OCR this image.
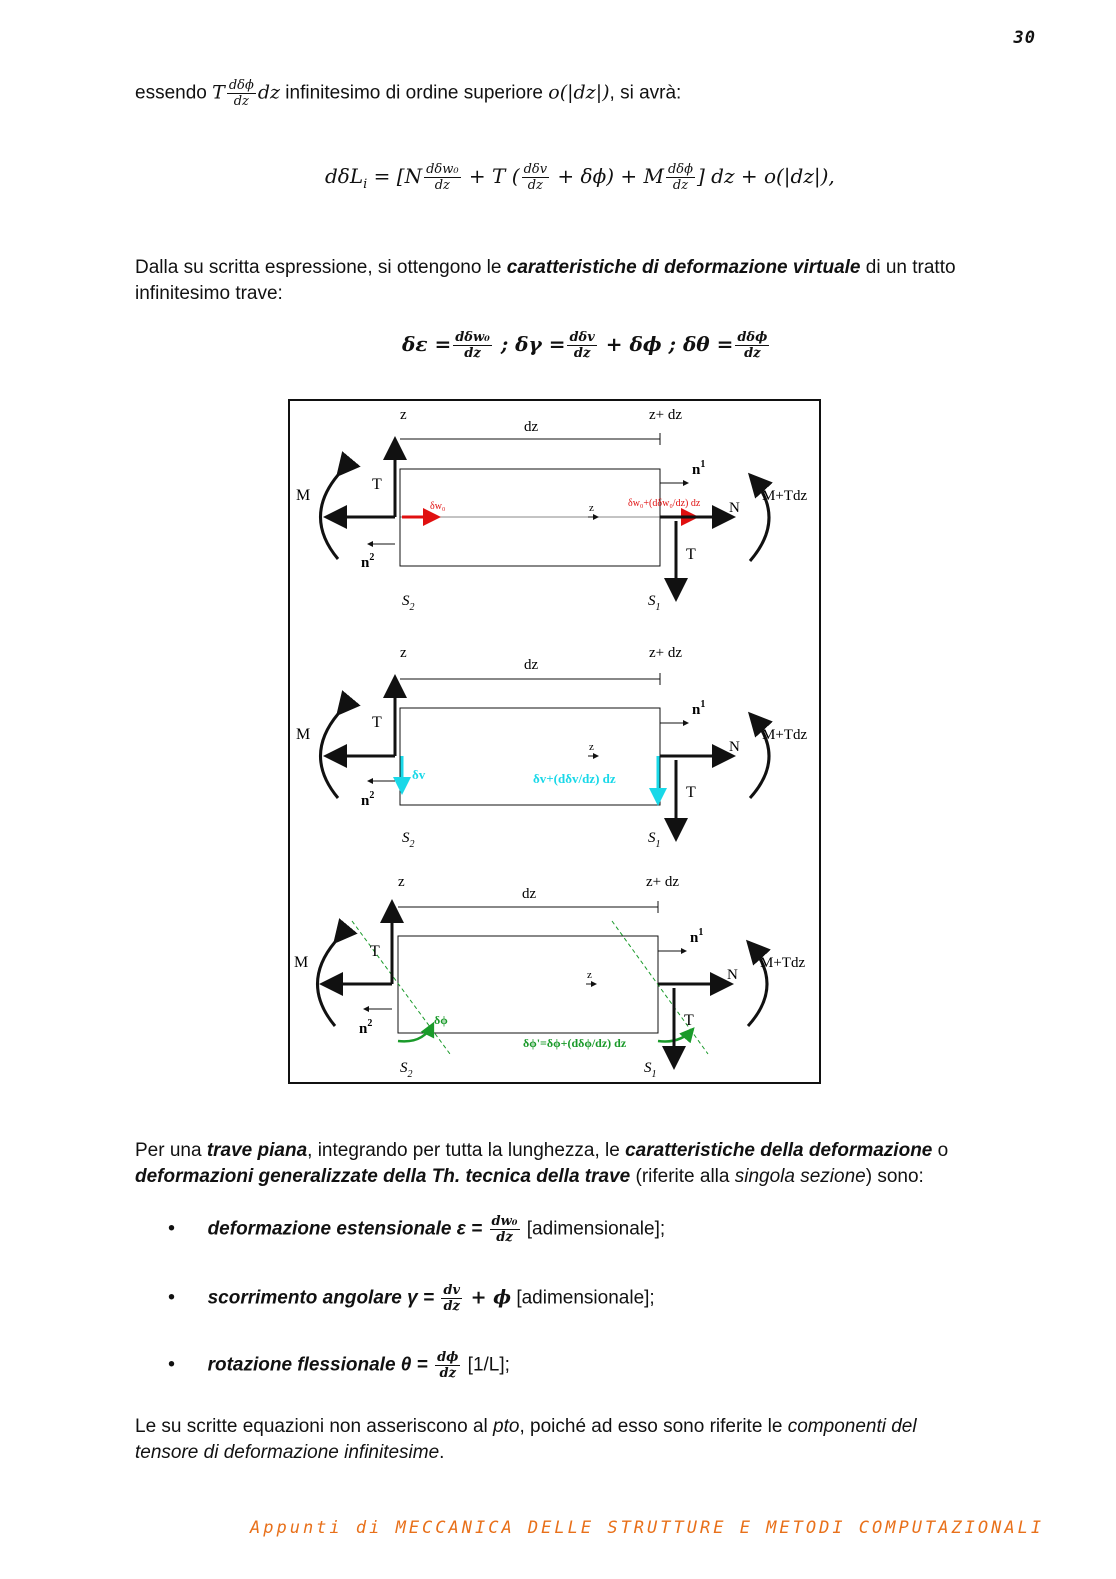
30
essendo T $\frac{\text{dδϕ}}{dz}$ dz infinitesimo di ordine superiore o(|dz|), si avrà:
$d\delta L_i = [N \frac{\text{dδw₀}}{dz} + T$ ( $\frac{\text{dδv}}{dz} + \delta\phi) + M \frac{\text{dδϕ}}{dz}$ ] dz + o(|dz|),
Dalla su scritta espressione, si ottengono le caratteristiche di deformazione virtuale di un tratto infinitesimo trave:
$\delta\varepsilon = \frac{\text{dδw₀}}{dz}$ ; $\delta\gamma = \frac{\text{dδv}}{dz} + \delta\phi$ ; $\delta\theta = \frac{\text{dδϕ}}{dz}$
z	z+ dz
dz
z
T
$n^2$
M
δw₀	δw₀+(dδw₀/dz) dz N
$n^1$
T
M+Tdz
$S_2$	$S_1$
z	z+ dz
dz
z
T
$n^2$
M
δv	δv+(dδv/dz) dz
N
$n^1$
T
M+Tdz
$S_2$	$S_1$
z	z+ dz
dz
z
T
$n^2$
M
δϕ
δϕ'=δϕ+(dδϕ/dz) dz
N
$n^1$
T
M+Tdz
$S_2$	$S_1$
Per una trave piana, integrando per tutta la lunghezza, le caratteristiche della deformazione o
deformazioni generalizzate della Th. tecnica della trave (riferite alla singola sezione) sono:
• deformazione estensionale $\varepsilon = \frac{\text{dw₀}}{dz}$ [adimensionale];
• scorrimento angolare $\gamma = \frac{dv}{dz} + \phi$ [adimensionale];
• rotazione flessionale $\theta = \frac{d\phi}{dz} [1/L]$;
Le su scritte equazioni non asseriscono al pto, poiché ad esso sono riferite le componenti del
tensore di deformazione infinitesime.
Appunti di MECCANICA DELLE STRUTTURE E METODI COMPUTAZIONALI
